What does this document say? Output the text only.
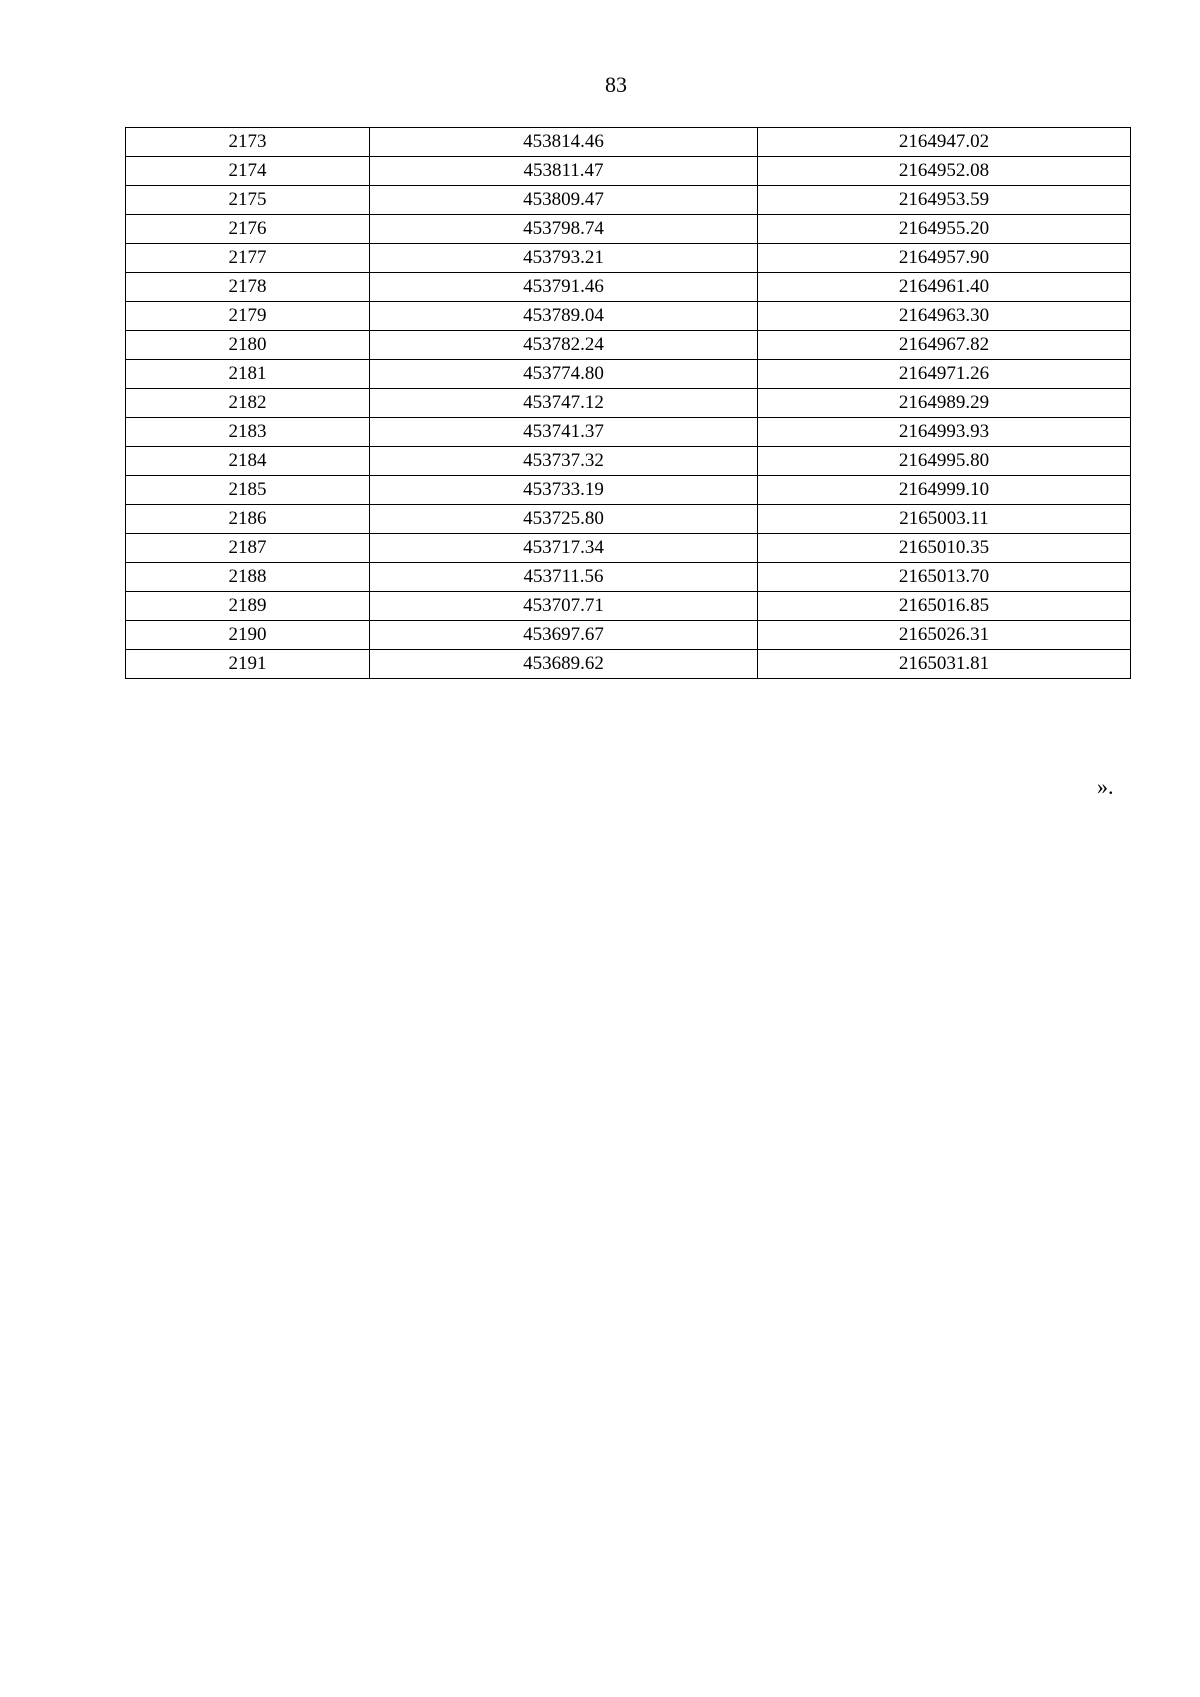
83
2173	453814.46	2164947.02
2174	453811.47	2164952.08
2175	453809.47	2164953.59
2176	453798.74	2164955.20
2177	453793.21	2164957.90
2178	453791.46	2164961.40
2179	453789.04	2164963.30
2180	453782.24	2164967.82
2181	453774.80	2164971.26
2182	453747.12	2164989.29
2183	453741.37	2164993.93
2184	453737.32	2164995.80
2185	453733.19	2164999.10
2186	453725.80	2165003.11
2187	453717.34	2165010.35
2188	453711.56	2165013.70
2189	453707.71	2165016.85
2190	453697.67	2165026.31
2191	453689.62	2165031.81
».
